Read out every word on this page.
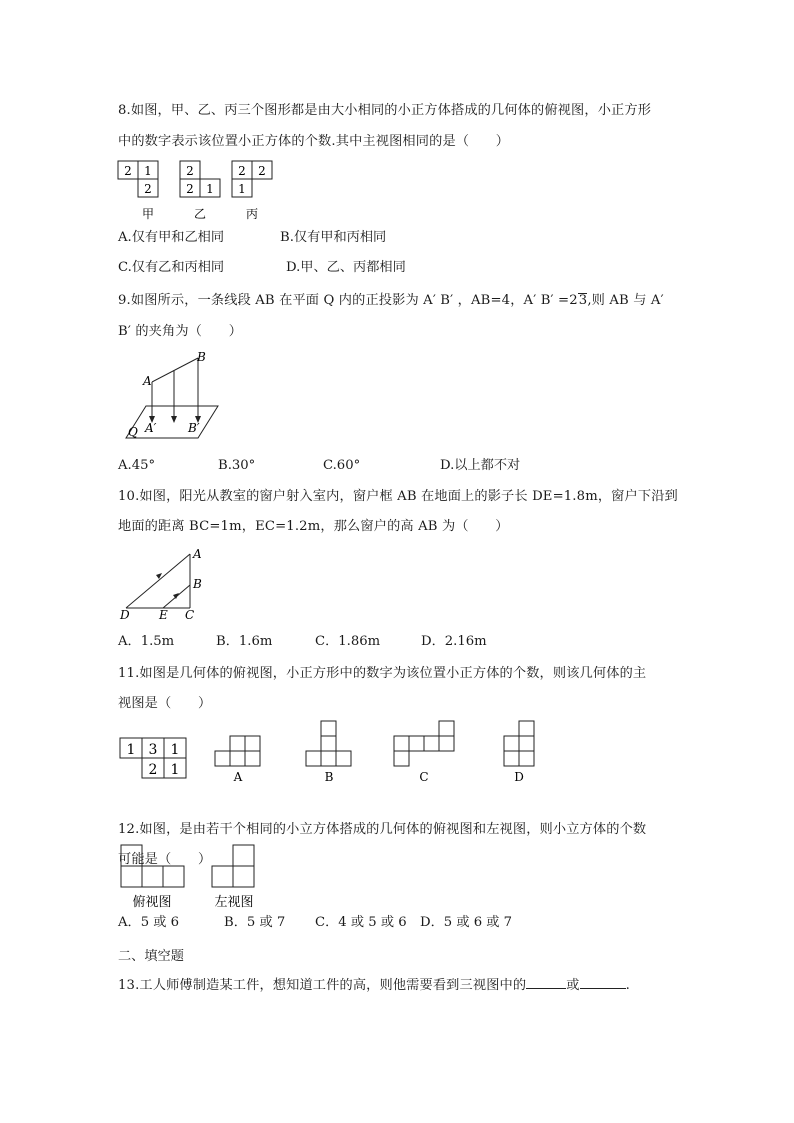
8.如图，甲、乙、丙三个图形都是由大小相同的小正方体搭成的几何体的俯视图，小正方形
中的数字表示该位置小正方体的个数.其中主视图相同的是（　　）
2 1
2
甲
2
2 1
乙
2 2
1
丙
A.仅有甲和乙相同	B.仅有甲和丙相同
C.仅有乙和丙相同	D.甲、乙、丙都相同
9.如图所示，一条线段 AB 在平面 Q 内的正投影为 A′ B′ ，AB=4，A′ B′ =23,则 AB 与 A′
B′ 的夹角为（　　）
A
B
A′	B′
Q
A.45°	B.30°	C.60°	D.以上都不对
10.如图，阳光从教室的窗户射入室内，窗户框 AB 在地面上的影子长 DE=1.8m，窗户下沿到
地面的距离 BC=1m，EC=1.2m，那么窗户的高 AB 为（　　）
A
B
C
D E
A．1.5m	B．1.6m	C．1.86m	D．2.16m
11.如图是几何体的俯视图，小正方形中的数字为该位置小正方体的个数，则该几何体的主
视图是（　　）
1 3 1
2 1	A	B	C	D
12.如图，是由若干个相同的小立方体搭成的几何体的俯视图和左视图，则小立方体的个数
可能是（　　）
俯视图	左视图
A．5 或 6	B．5 或 7 C．4 或 5 或 6 D．5 或 6 或 7
二、填空题
13.工人师傅制造某工件，想知道工件的高，则他需要看到三视图中的	或	.
